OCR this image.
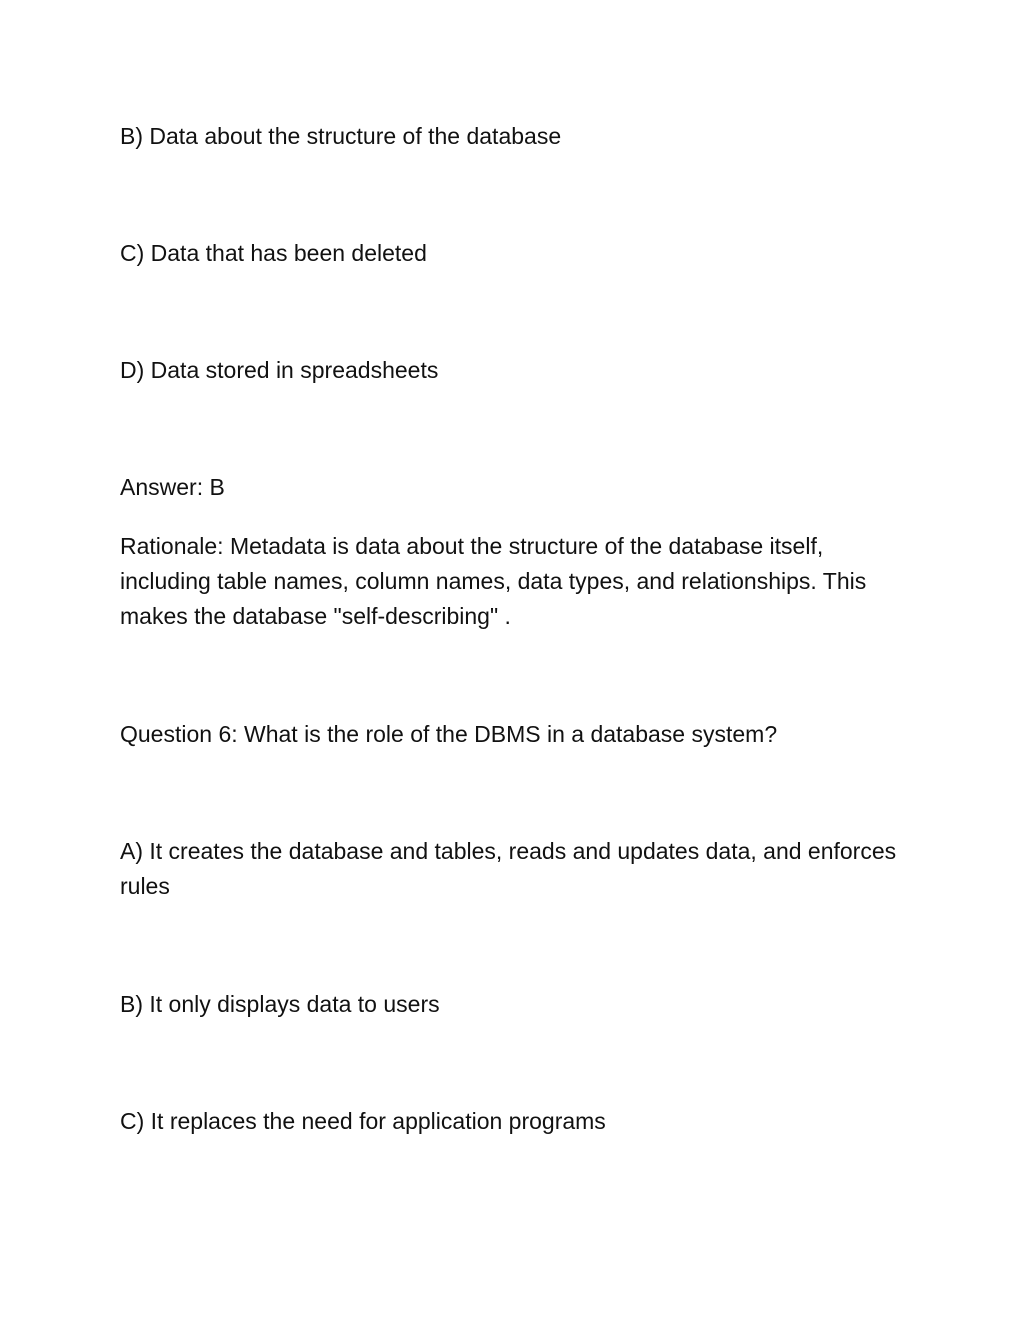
B) Data about the structure of the database
C) Data that has been deleted
D) Data stored in spreadsheets
Answer: B
Rationale: Metadata is data about the structure of the database itself, including table names, column names, data types, and relationships. This makes the database "self-describing" .
Question 6: What is the role of the DBMS in a database system?
A) It creates the database and tables, reads and updates data, and enforces rules
B) It only displays data to users
C) It replaces the need for application programs
